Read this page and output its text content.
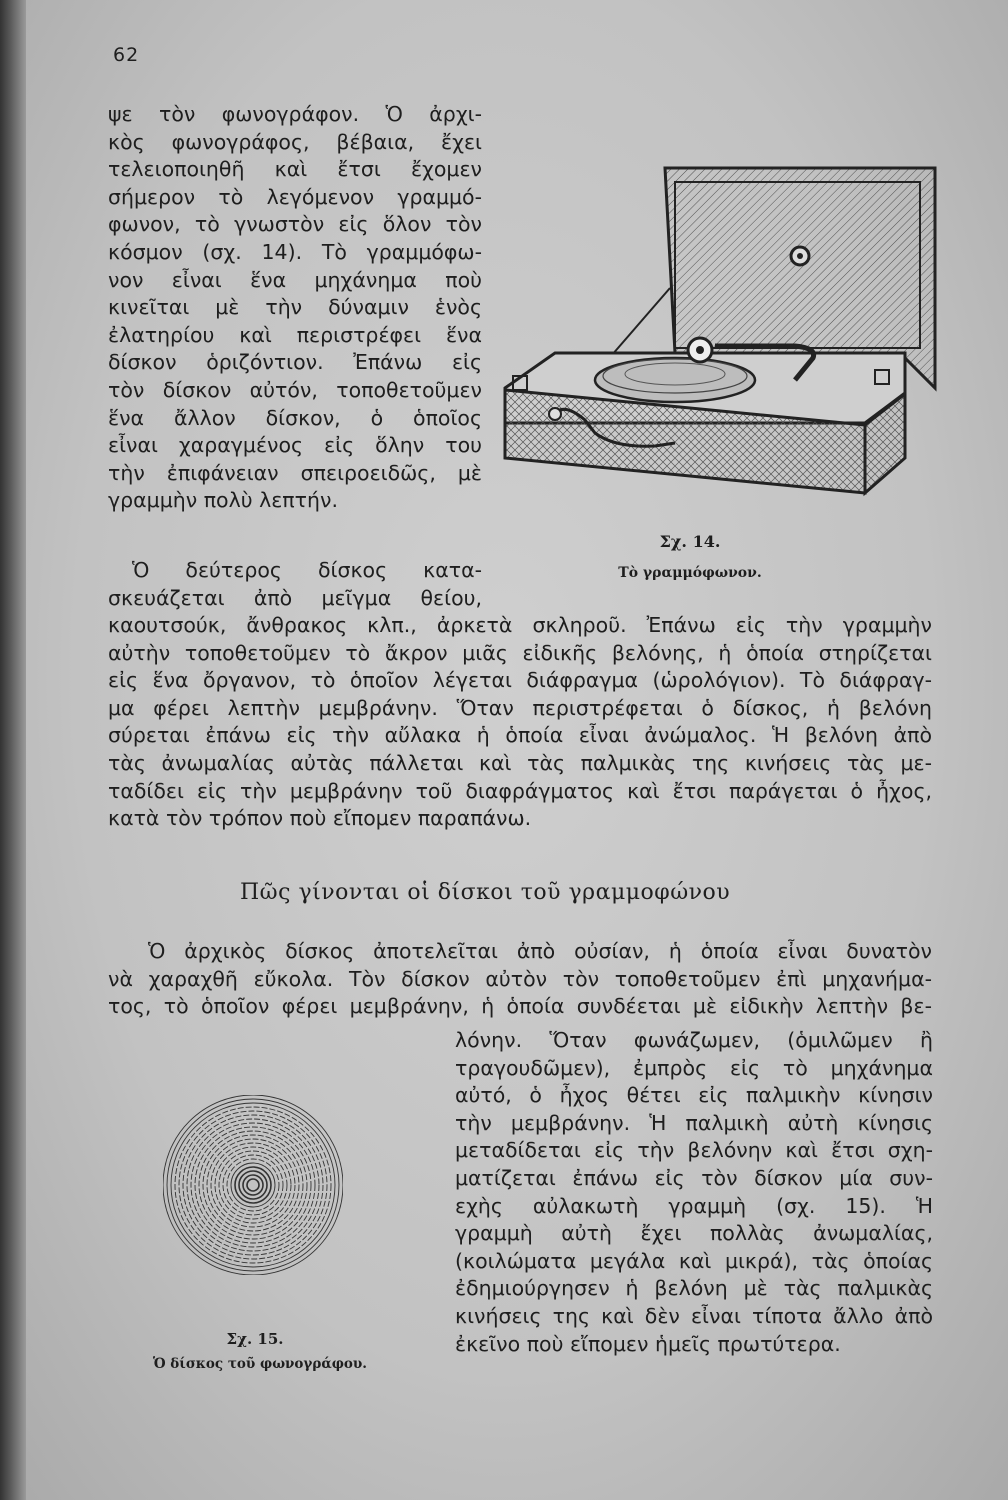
62
ψε τὸν φωνογράφον. Ὁ ἀρχι-
κὸς φωνογράφος, βέβαια, ἔχει
τελειοποιηθῆ καὶ ἔτσι ἔχομεν
σήμερον τὸ λεγόμενον γραμμό-
φωνον, τὸ γνωστὸν εἰς ὅλον τὸν
κόσμον (σχ. 14). Τὸ γραμμόφω-
νον εἶναι ἕνα μηχάνημα ποὺ
κινεῖται μὲ τὴν δύναμιν ἑνὸς
ἐλατηρίου καὶ περιστρέφει ἕνα
δίσκον ὁριζόντιον. Ἐπάνω εἰς
τὸν δίσκον αὐτόν, τοποθετοῦμεν
ἕνα ἄλλον δίσκον, ὁ ὁποῖος
εἶναι χαραγμένος εἰς ὅλην του
τὴν ἐπιφάνειαν σπειροειδῶς, μὲ
γραμμὴν πολὺ λεπτήν.
Ὁ δεύτερος δίσκος κατα-
σκευάζεται ἀπὸ μεῖγμα θείου,
καουτσούκ, ἄνθρακος κλπ., ἀρκετὰ σκληροῦ. Ἐπάνω εἰς τὴν γραμμὴν
αὐτὴν τοποθετοῦμεν τὸ ἄκρον μιᾶς εἰδικῆς βελόνης, ἡ ὁποία στηρίζεται
εἰς ἕνα ὄργανον, τὸ ὁποῖον λέγεται διάφραγμα (ὡρολόγιον). Τὸ διάφραγ-
μα φέρει λεπτὴν μεμβράνην. Ὅταν περιστρέφεται ὁ δίσκος, ἡ βελόνη
σύρεται ἐπάνω εἰς τὴν αὔλακα ἡ ὁποία εἶναι ἀνώμαλος. Ἡ βελόνη ἀπὸ
τὰς ἀνωμαλίας αὐτὰς πάλλεται καὶ τὰς παλμικὰς της κινήσεις τὰς με-
ταδίδει εἰς τὴν μεμβράνην τοῦ διαφράγματος καὶ ἔτσι παράγεται ὁ ἦχος,
κατὰ τὸν τρόπον ποὺ εἴπομεν παραπάνω.
Σχ. 14.
Τὸ γραμμόφωνον.
Πῶς γίνονται οἱ δίσκοι τοῦ γραμμοφώνου
Ὁ ἀρχικὸς δίσκος ἀποτελεῖται ἀπὸ οὐσίαν, ἡ ὁποία εἶναι δυνατὸν
νὰ χαραχθῆ εὔκολα. Τὸν δίσκον αὐτὸν τὸν τοποθετοῦμεν ἐπὶ μηχανήμα-
τος, τὸ ὁποῖον φέρει μεμβράνην, ἡ ὁποία συνδέεται μὲ εἰδικὴν λεπτὴν βε-
λόνην. Ὅταν φωνάζωμεν, (ὁμιλῶμεν ἢ
τραγουδῶμεν), ἐμπρὸς εἰς τὸ μηχάνημα
αὐτό, ὁ ἦχος θέτει εἰς παλμικὴν κίνησιν
τὴν μεμβράνην. Ἡ παλμικὴ αὐτὴ κίνησις
μεταδίδεται εἰς τὴν βελόνην καὶ ἔτσι σχη-
ματίζεται ἐπάνω εἰς τὸν δίσκον μία συν-
εχὴς αὐλακωτὴ γραμμὴ (σχ. 15). Ἡ
γραμμὴ αὐτὴ ἔχει πολλὰς ἀνωμαλίας,
(κοιλώματα μεγάλα καὶ μικρά), τὰς ὁποίας
ἐδημιούργησεν ἡ βελόνη μὲ τὰς παλμικὰς
κινήσεις της καὶ δὲν εἶναι τίποτα ἄλλο ἀπὸ
ἐκεῖνο ποὺ εἴπομεν ἡμεῖς πρωτύτερα.
Σχ. 15.
Ὁ δίσκος τοῦ φωνογράφου.
